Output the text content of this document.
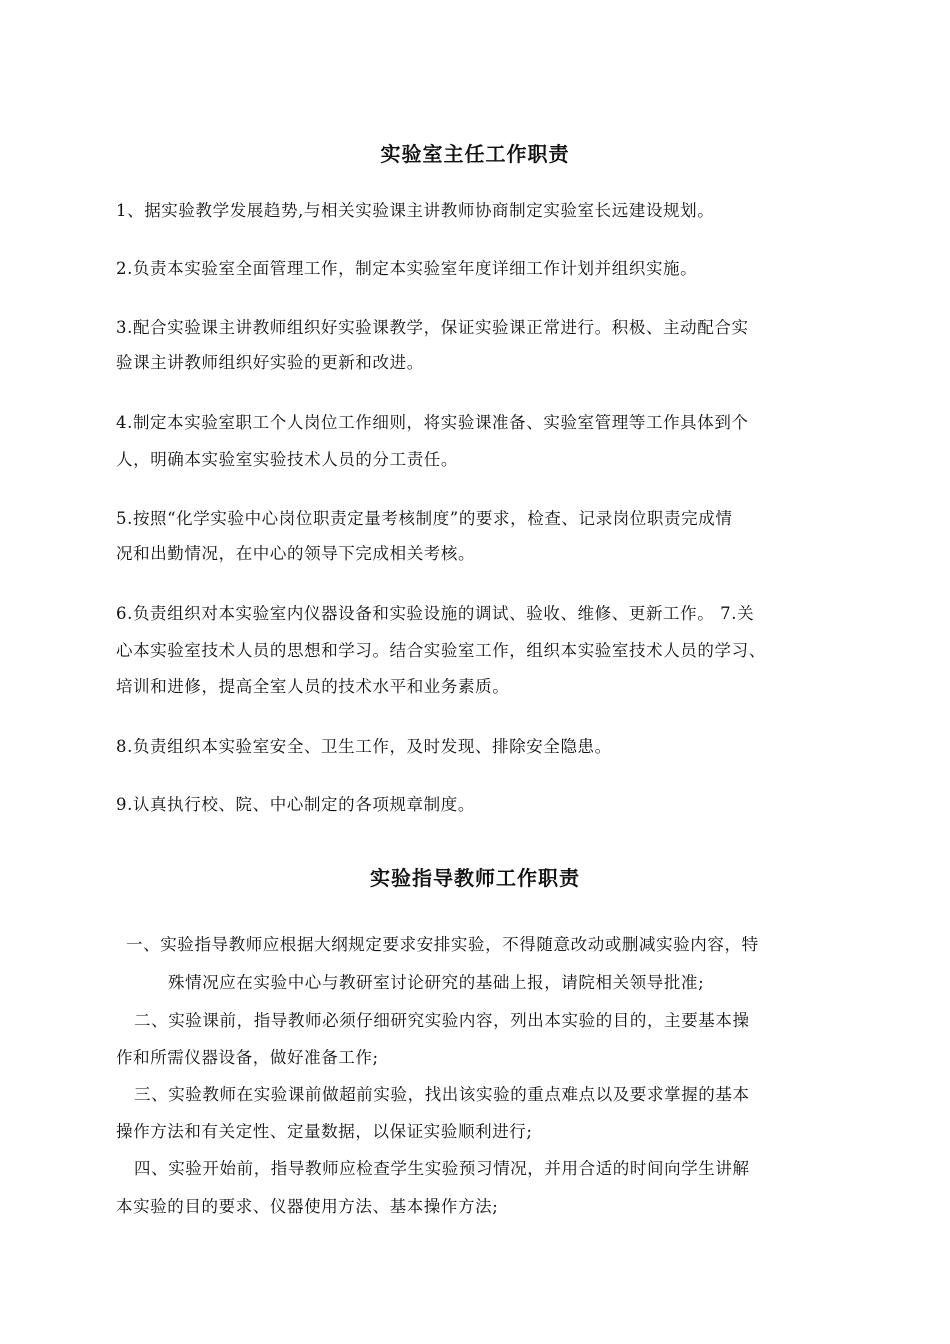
实验室主任工作职责

1、据实验教学发展趋势,与相关实验课主讲教师协商制定实验室长远建设规划。

2.负责本实验室全面管理工作，制定本实验室年度详细工作计划并组织实施。

3.配合实验课主讲教师组织好实验课教学，保证实验课正常进行。积极、主动配合实

验课主讲教师组织好实验的更新和改进。

4.制定本实验室职工个人岗位工作细则，将实验课准备、实验室管理等工作具体到个

人，明确本实验室实验技术人员的分工责任。

5.按照“化学实验中心岗位职责定量考核制度”的要求，检查、记录岗位职责完成情

况和出勤情况，在中心的领导下完成相关考核。

6.负责组织对本实验室内仪器设备和实验设施的调试、验收、维修、更新工作。 7.关

心本实验室技术人员的思想和学习。结合实验室工作，组织本实验室技术人员的学习、

培训和进修，提高全室人员的技术水平和业务素质。

8.负责组织本实验室安全、卫生工作，及时发现、排除安全隐患。

9.认真执行校、院、中心制定的各项规章制度。

实验指导教师工作职责

一、实验指导教师应根据大纲规定要求安排实验，不得随意改动或删减实验内容，特

殊情况应在实验中心与教研室讨论研究的基础上报，请院相关领导批准;

二、实验课前，指导教师必须仔细研究实验内容，列出本实验的目的，主要基本操

作和所需仪器设备，做好准备工作;

三、实验教师在实验课前做超前实验，找出该实验的重点难点以及要求掌握的基本

操作方法和有关定性、定量数据，以保证实验顺利进行;

四、实验开始前，指导教师应检查学生实验预习情况，并用合适的时间向学生讲解

本实验的目的要求、仪器使用方法、基本操作方法;
